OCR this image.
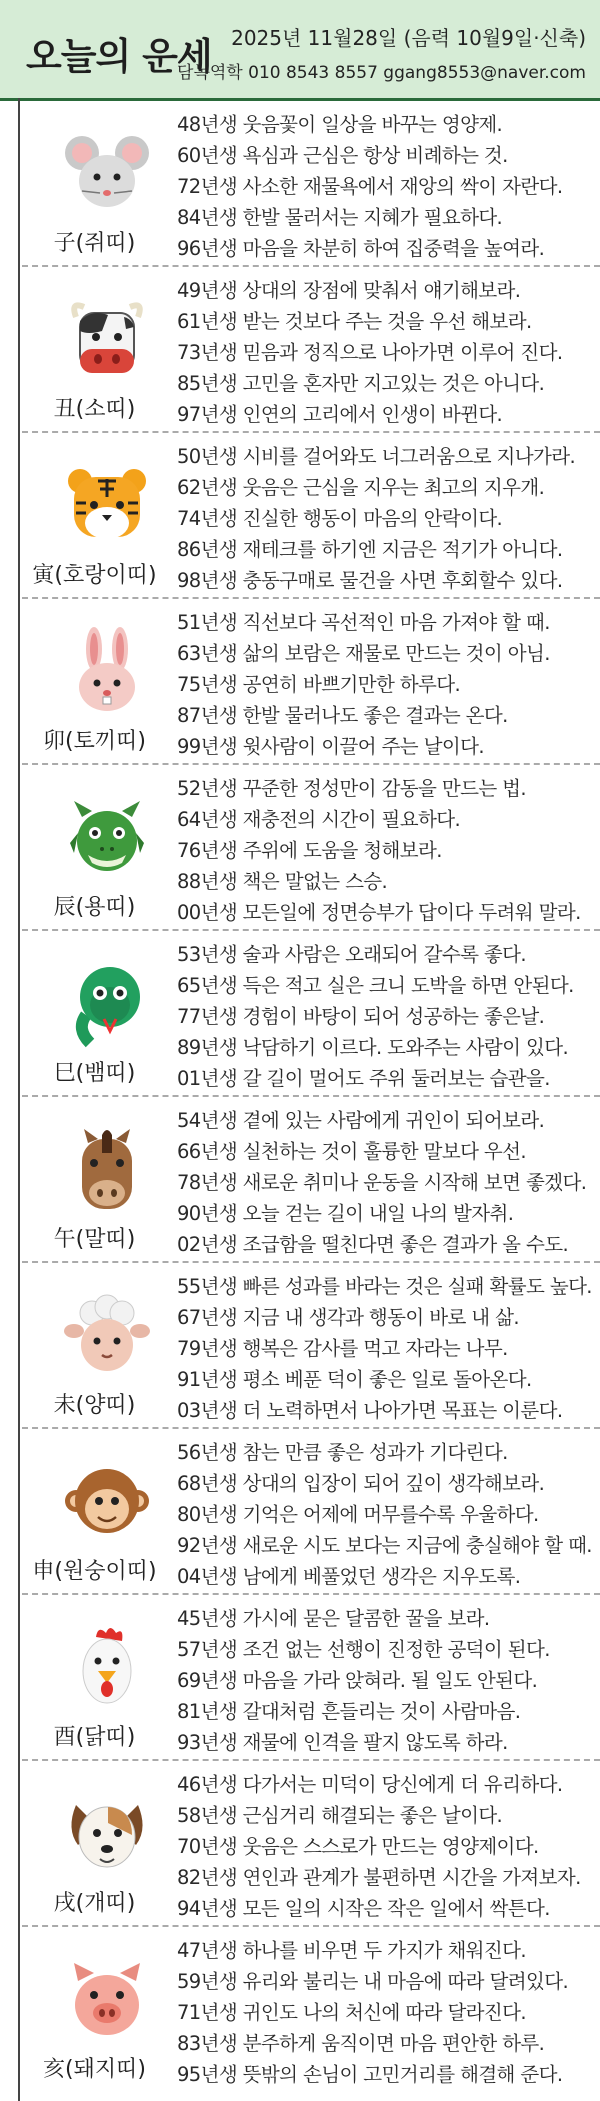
오늘의 운세 2025년 11월28일 (음력 10월9일·신축)
담녹역학 010 8543 8557 ggang8553@naver.com
子(쥐띠)
48년생 웃음꽃이 일상을 바꾸는 영양제.
60년생 욕심과 근심은 항상 비례하는 것.
72년생 사소한 재물욕에서 재앙의 싹이 자란다.
84년생 한발 물러서는 지혜가 필요하다.
96년생 마음을 차분히 하여 집중력을 높여라.
丑(소띠)
49년생 상대의 장점에 맞춰서 얘기해보라.
61년생 받는 것보다 주는 것을 우선 해보라.
73년생 믿음과 정직으로 나아가면 이루어 진다.
85년생 고민을 혼자만 지고있는 것은 아니다.
97년생 인연의 고리에서 인생이 바뀐다.
寅(호랑이띠)
50년생 시비를 걸어와도 너그러움으로 지나가라.
62년생 웃음은 근심을 지우는 최고의 지우개.
74년생 진실한 행동이 마음의 안락이다.
86년생 재테크를 하기엔 지금은 적기가 아니다.
98년생 충동구매로 물건을 사면 후회할수 있다.
卯(토끼띠)
51년생 직선보다 곡선적인 마음 가져야 할 때.
63년생 삶의 보람은 재물로 만드는 것이 아님.
75년생 공연히 바쁘기만한 하루다.
87년생 한발 물러나도 좋은 결과는 온다.
99년생 윗사람이 이끌어 주는 날이다.
辰(용띠)
52년생 꾸준한 정성만이 감동을 만드는 법.
64년생 재충전의 시간이 필요하다.
76년생 주위에 도움을 청해보라.
88년생 책은 말없는 스승.
00년생 모든일에 정면승부가 답이다 두려워 말라.
巳(뱀띠)
53년생 술과 사람은 오래되어 갈수록 좋다.
65년생 득은 적고 실은 크니 도박을 하면 안된다.
77년생 경험이 바탕이 되어 성공하는 좋은날.
89년생 낙담하기 이르다. 도와주는 사람이 있다.
01년생 갈 길이 멀어도 주위 둘러보는 습관을.
午(말띠)
54년생 곁에 있는 사람에게 귀인이 되어보라.
66년생 실천하는 것이 훌륭한 말보다 우선.
78년생 새로운 취미나 운동을 시작해 보면 좋겠다.
90년생 오늘 걷는 길이 내일 나의 발자취.
02년생 조급함을 떨친다면 좋은 결과가 올 수도.
未(양띠)
55년생 빠른 성과를 바라는 것은 실패 확률도 높다.
67년생 지금 내 생각과 행동이 바로 내 삶.
79년생 행복은 감사를 먹고 자라는 나무.
91년생 평소 베푼 덕이 좋은 일로 돌아온다.
03년생 더 노력하면서 나아가면 목표는 이룬다.
申(원숭이띠)
56년생 참는 만큼 좋은 성과가 기다린다.
68년생 상대의 입장이 되어 깊이 생각해보라.
80년생 기억은 어제에 머무를수록 우울하다.
92년생 새로운 시도 보다는 지금에 충실해야 할 때.
04년생 남에게 베풀었던 생각은 지우도록.
酉(닭띠)
45년생 가시에 묻은 달콤한 꿀을 보라.
57년생 조건 없는 선행이 진정한 공덕이 된다.
69년생 마음을 가라 앉혀라. 될 일도 안된다.
81년생 갈대처럼 흔들리는 것이 사람마음.
93년생 재물에 인격을 팔지 않도록 하라.
戌(개띠)
46년생 다가서는 미덕이 당신에게 더 유리하다.
58년생 근심거리 해결되는 좋은 날이다.
70년생 웃음은 스스로가 만드는 영양제이다.
82년생 연인과 관계가 불편하면 시간을 가져보자.
94년생 모든 일의 시작은 작은 일에서 싹튼다.
亥(돼지띠)
47년생 하나를 비우면 두 가지가 채워진다.
59년생 유리와 불리는 내 마음에 따라 달려있다.
71년생 귀인도 나의 처신에 따라 달라진다.
83년생 분주하게 움직이면 마음 편안한 하루.
95년생 뜻밖의 손님이 고민거리를 해결해 준다.
